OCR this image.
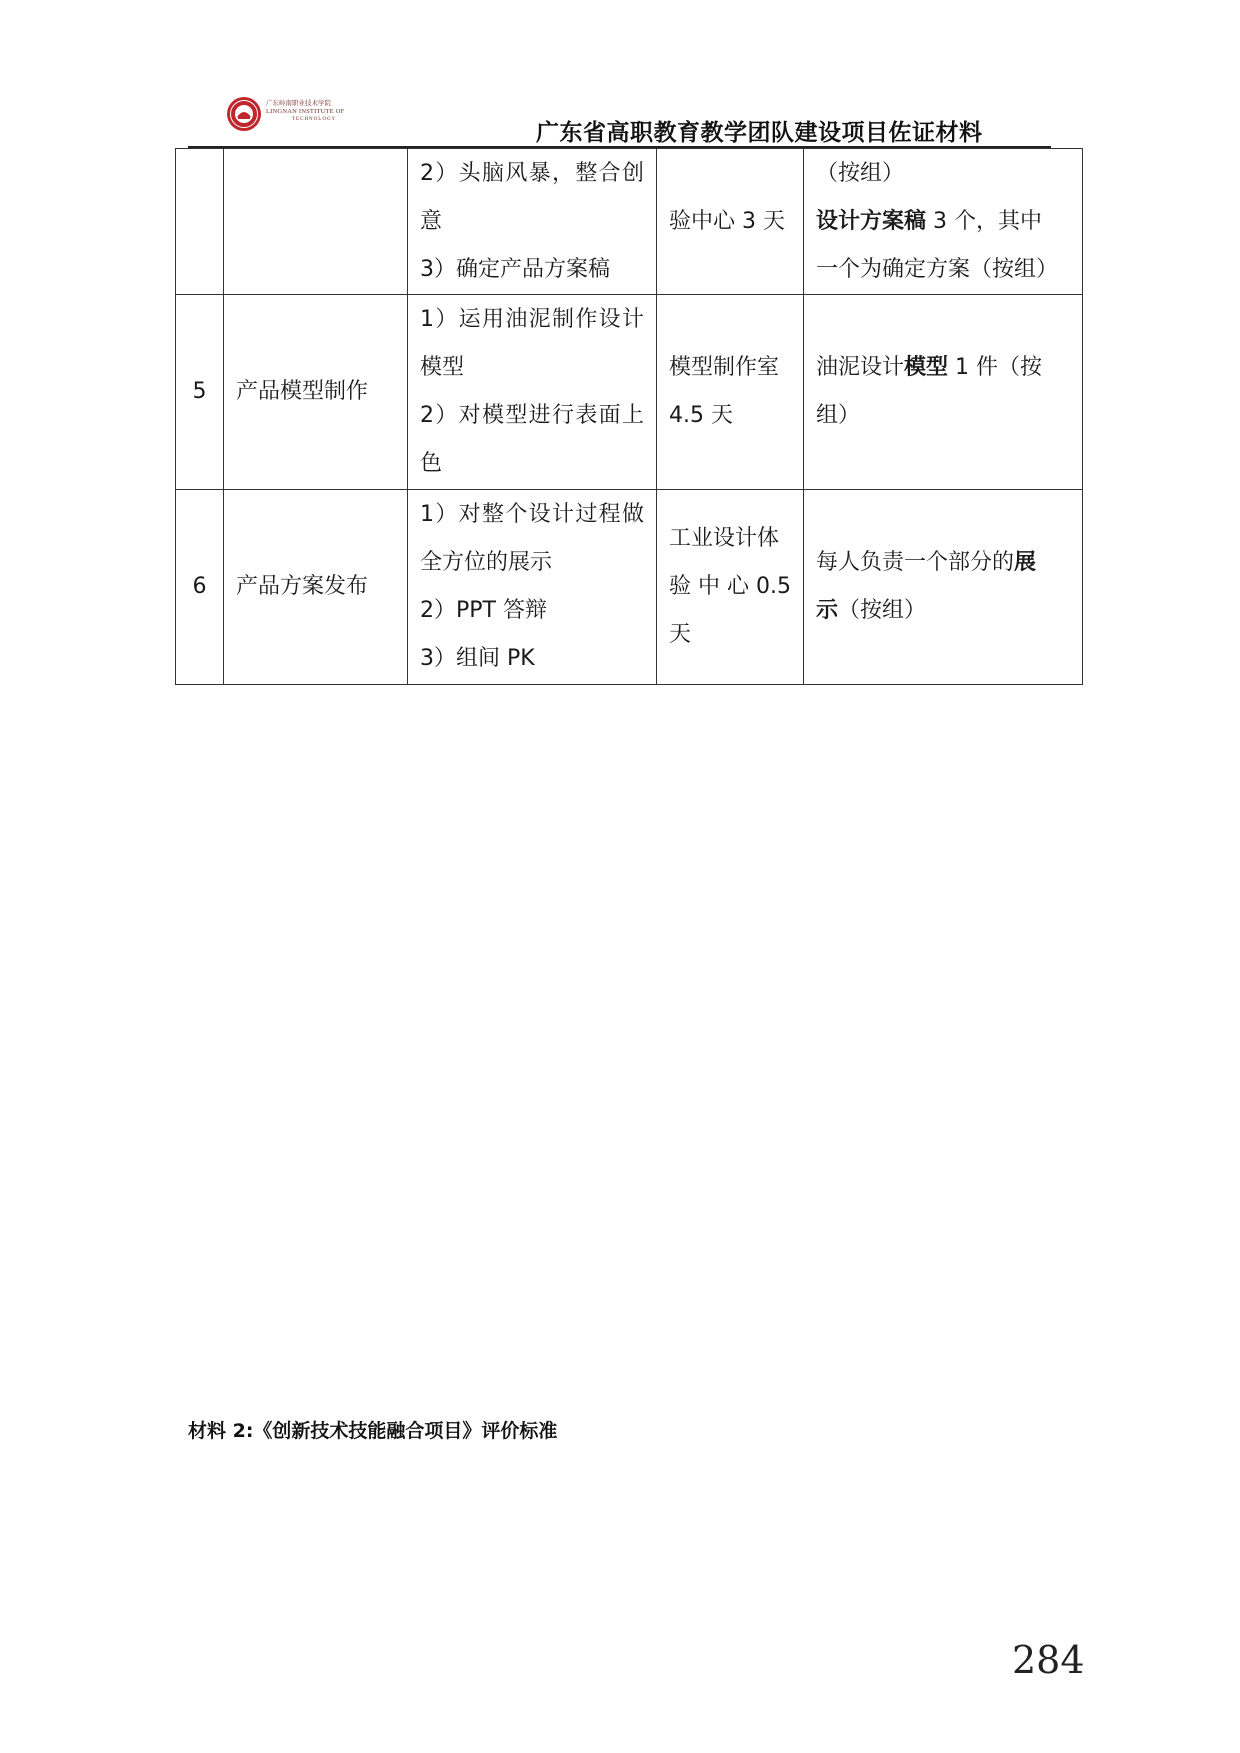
广东岭南职业技术学院
LINGNAN INSTITUTE OF
TECHNOLOGY
广东省高职教育教学团队建设项目佐证材料

		2）头脑风暴，整合创
意
3）确定产品方案稿	验中心 3 天	（按组）
设计方案稿 3 个，其中
一个为确定方案（按组）

5	产品模型制作	1）运用油泥制作设计
模型
2）对模型进行表面上
色	模型制作室
4.5 天	油泥设计模型 1 件（按
组）

6	产品方案发布	1）对整个设计过程做
全方位的展示
2）PPT 答辩
3）组间 PK	工业设计体
验 中 心 0.5
天	每人负责一个部分的展
示（按组）
材料 2:《创新技术技能融合项目》评价标准
284
